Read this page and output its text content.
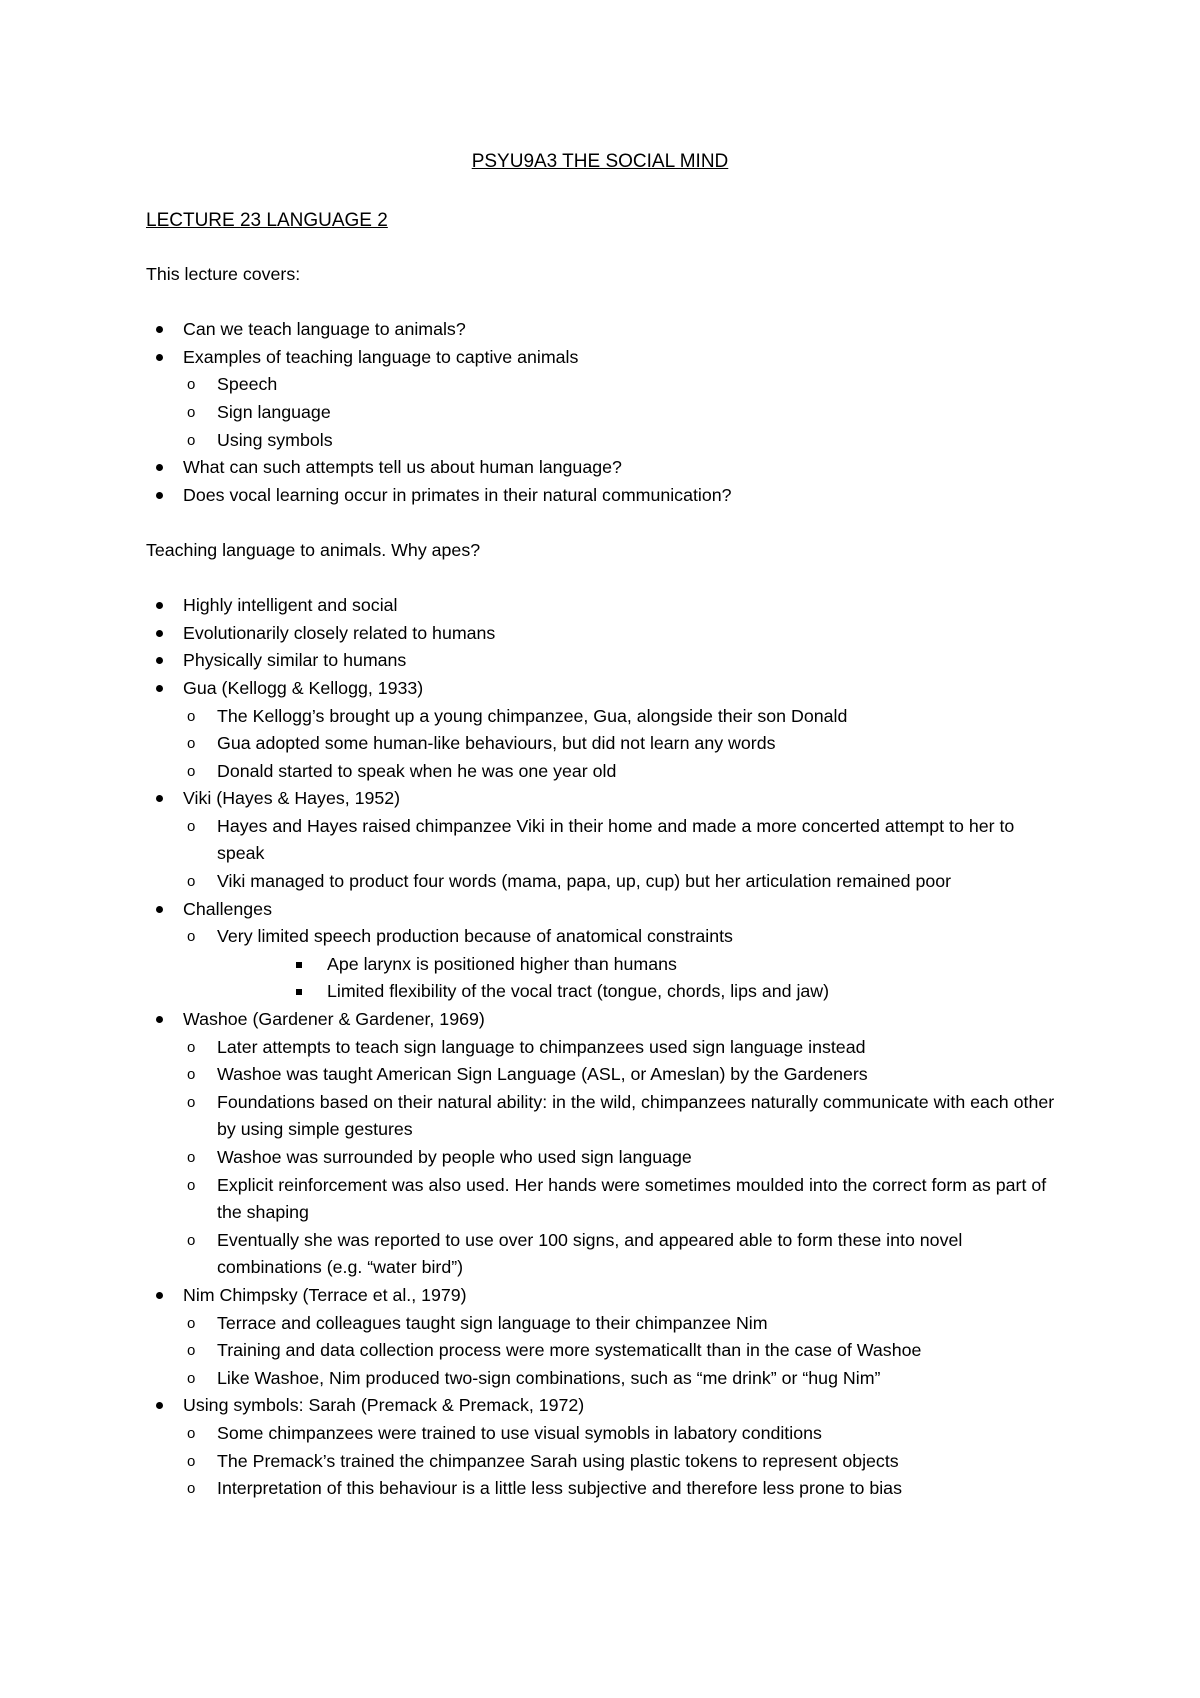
PSYU9A3 THE SOCIAL MIND
LECTURE 23 LANGUAGE 2
This lecture covers:
Can we teach language to animals?
Examples of teaching language to captive animals
o Speech
o Sign language
o Using symbols
What can such attempts tell us about human language?
Does vocal learning occur in primates in their natural communication?
Teaching language to animals. Why apes?
Highly intelligent and social
Evolutionarily closely related to humans
Physically similar to humans
Gua (Kellogg & Kellogg, 1933)
o The Kellogg’s brought up a young chimpanzee, Gua, alongside their son Donald
o Gua adopted some human-like behaviours, but did not learn any words
o Donald started to speak when he was one year old
Viki (Hayes & Hayes, 1952)
o Hayes and Hayes raised chimpanzee Viki in their home and made a more concerted attempt to her to speak
o Viki managed to product four words (mama, papa, up, cup) but her articulation remained poor
Challenges
o Very limited speech production because of anatomical constraints
Ape larynx is positioned higher than humans
Limited flexibility of the vocal tract (tongue, chords, lips and jaw)
Washoe (Gardener & Gardener, 1969)
o Later attempts to teach sign language to chimpanzees used sign language instead
o Washoe was taught American Sign Language (ASL, or Ameslan) by the Gardeners
o Foundations based on their natural ability: in the wild, chimpanzees naturally communicate with each other by using simple gestures
o Washoe was surrounded by people who used sign language
o Explicit reinforcement was also used. Her hands were sometimes moulded into the correct form as part of the shaping
o Eventually she was reported to use over 100 signs, and appeared able to form these into novel combinations (e.g. “water bird”)
Nim Chimpsky (Terrace et al., 1979)
o Terrace and colleagues taught sign language to their chimpanzee Nim
o Training and data collection process were more systematicallt than in the case of Washoe
o Like Washoe, Nim produced two-sign combinations, such as “me drink” or “hug Nim”
Using symbols: Sarah (Premack & Premack, 1972)
o Some chimpanzees were trained to use visual symobls in labatory conditions
o The Premack’s trained the chimpanzee Sarah using plastic tokens to represent objects
o Interpretation of this behaviour is a little less subjective and therefore less prone to bias
